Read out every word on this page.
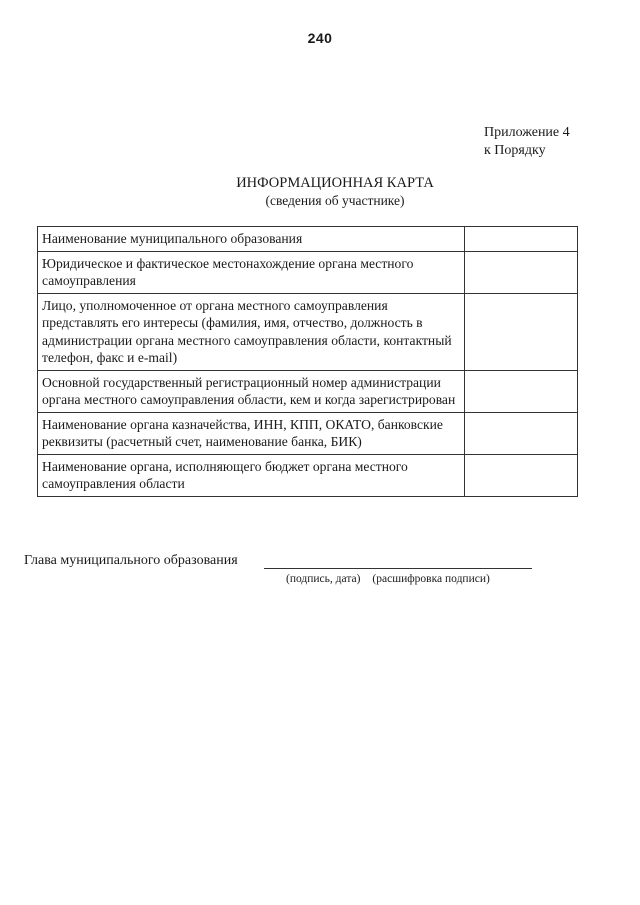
240
Приложение 4
к Порядку
ИНФОРМАЦИОННАЯ КАРТА
(сведения об участнике)
Наименование муниципального образования	
Юридическое и фактическое местонахождение органа местного самоуправления	
Лицо, уполномоченное от органа местного самоуправления представлять его интересы (фамилия, имя, отчество, должность в администрации органа местного самоуправления области, контактный телефон, факс и e-mail)	
Основной государственный регистрационный номер администрации органа местного самоуправления области, кем и когда зарегистрирован	
Наименование органа казначейства, ИНН, КПП, ОКАТО, банковские реквизиты (расчетный счет, наименование банка, БИК)	
Наименование органа, исполняющего бюджет органа местного самоуправления области	
Глава муниципального образования
(подпись, дата) (расшифровка подписи)
